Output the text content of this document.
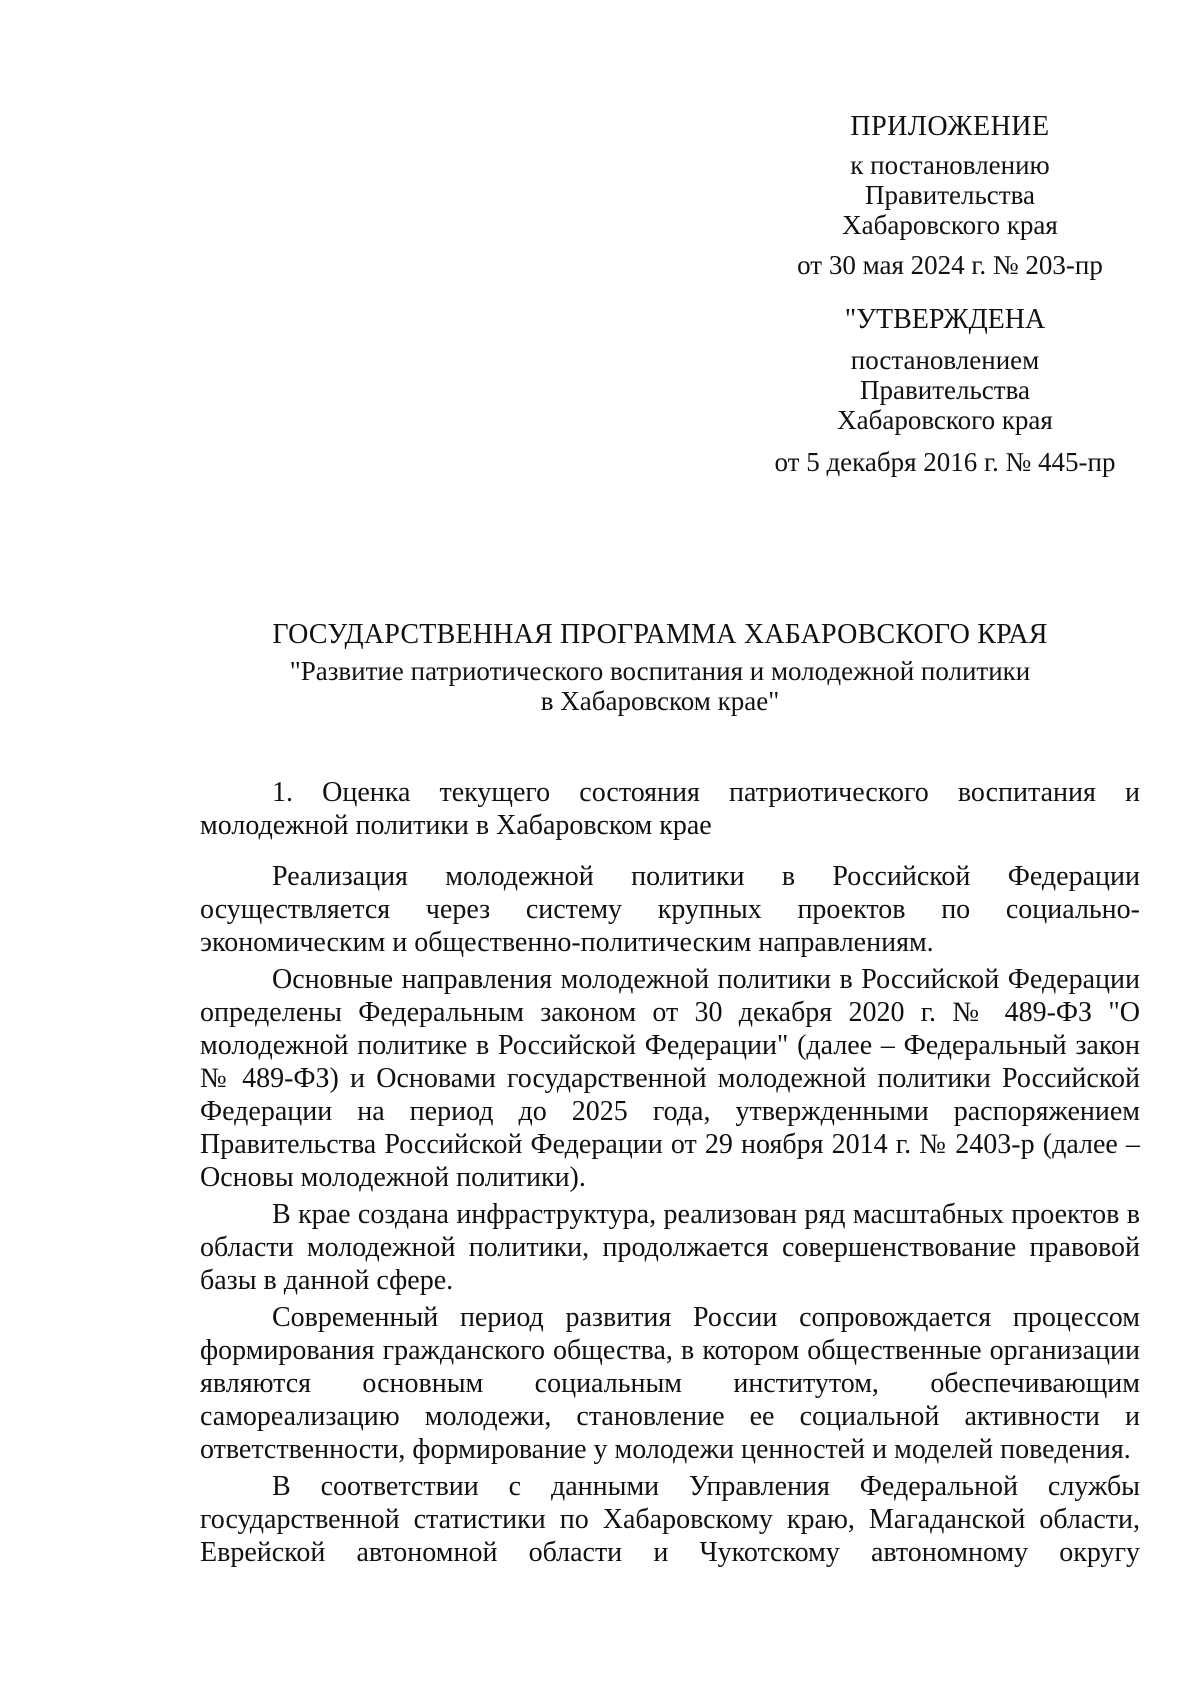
ПРИЛОЖЕНИЕ
к постановлению
Правительства
Хабаровского края
от 30 мая 2024 г. № 203-пр
"УТВЕРЖДЕНА
постановлением
Правительства
Хабаровского края
от 5 декабря 2016 г. № 445-пр
ГОСУДАРСТВЕННАЯ ПРОГРАММА ХАБАРОВСКОГО КРАЯ
"Развитие патриотического воспитания и молодежной политики
в Хабаровском крае"

1. Оценка текущего состояния патриотического воспитания и молодежной политики в Хабаровском крае

Реализация молодежной политики в Российской Федерации осуществляется через систему крупных проектов по социально-экономическим и общественно-политическим направлениям.

Основные направления молодежной политики в Российской Федерации определены Федеральным законом от 30 декабря 2020 г. № 489-ФЗ "О молодежной политике в Российской Федерации" (далее – Федеральный закон № 489-ФЗ) и Основами государственной молодежной политики Российской Федерации на период до 2025 года, утвержденными распоряжением Правительства Российской Федерации от 29 ноября 2014 г. № 2403-р (далее – Основы молодежной политики).

В крае создана инфраструктура, реализован ряд масштабных проектов в области молодежной политики, продолжается совершенствование правовой базы в данной сфере.

Современный период развития России сопровождается процессом формирования гражданского общества, в котором общественные организации являются основным социальным институтом, обеспечивающим самореализацию молодежи, становление ее социальной активности и ответственности, формирование у молодежи ценностей и моделей поведения.

В соответствии с данными Управления Федеральной службы государственной статистики по Хабаровскому краю, Магаданской области, Еврейской автономной области и Чукотскому автономному округу
